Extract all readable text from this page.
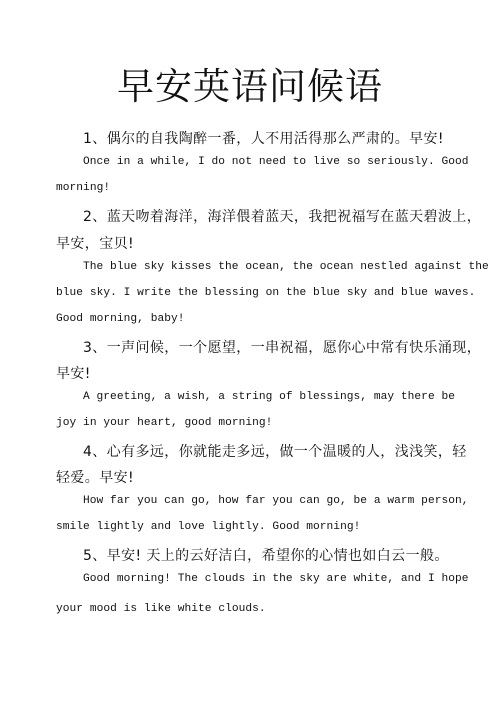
早安英语问候语
1、偶尔的自我陶醉一番，人不用活得那么严肃的。早安!
Once in a while, I do not need to live so seriously. Good
morning!
2、蓝天吻着海洋，海洋偎着蓝天，我把祝福写在蓝天碧波上，
早安，宝贝!
The blue sky kisses the ocean, the ocean nestled against the
blue sky. I write the blessing on the blue sky and blue waves.
Good morning, baby!
3、一声问候，一个愿望，一串祝福，愿你心中常有快乐涌现，
早安!
A greeting, a wish, a string of blessings, may there be
joy in your heart, good morning!
4、心有多远，你就能走多远，做一个温暖的人，浅浅笑，轻
轻爱。早安!
How far you can go, how far you can go, be a warm person,
smile lightly and love lightly. Good morning!
5、早安! 天上的云好洁白，希望你的心情也如白云一般。
Good morning! The clouds in the sky are white, and I hope
your mood is like white clouds.
